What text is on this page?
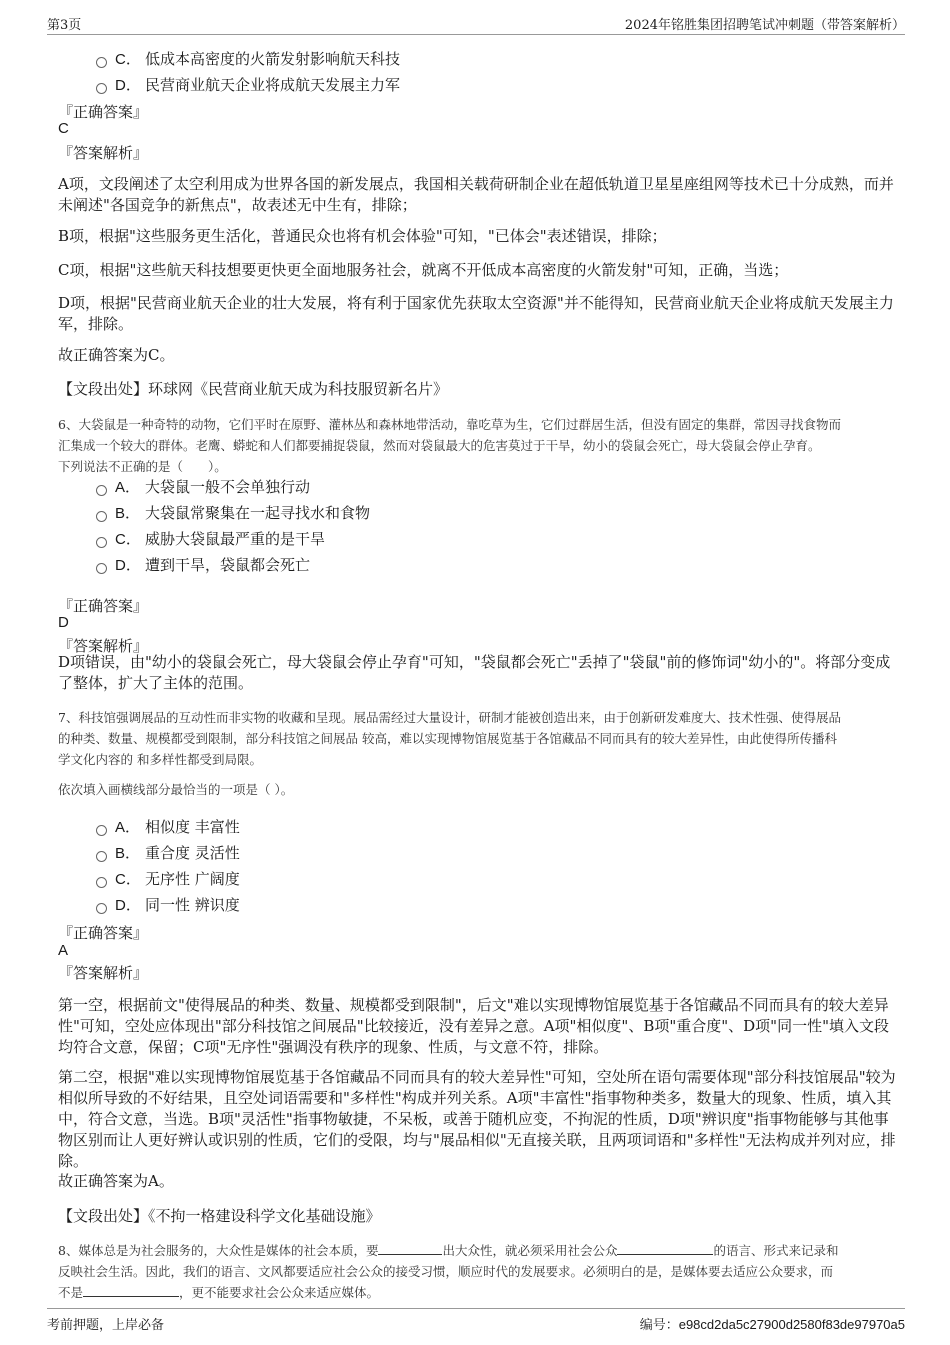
第3页	2024年铭胜集团招聘笔试冲刺题（带答案解析）
C． 低成本高密度的火箭发射影响航天科技
D． 民营商业航天企业将成航天发展主力军
『正确答案』
C
『答案解析』
A项，文段阐述了太空利用成为世界各国的新发展点，我国相关载荷研制企业在超低轨道卫星星座组网等技术已十分成熟，而并未阐述"各国竞争的新焦点"，故表述无中生有，排除；
B项，根据"这些服务更生活化，普通民众也将有机会体验"可知，"已体会"表述错误，排除；
C项，根据"这些航天科技想要更快更全面地服务社会，就离不开低成本高密度的火箭发射"可知，正确，当选；
D项，根据"民营商业航天企业的壮大发展，将有利于国家优先获取太空资源"并不能得知，民营商业航天企业将成航天发展主力军，排除。
故正确答案为C。
【文段出处】环球网《民营商业航天成为科技服贸新名片》
6、大袋鼠是一种奇特的动物，它们平时在原野、灌林丛和森林地带活动，靠吃草为生，它们过群居生活，但没有固定的集群，常因寻找食物而
汇集成一个较大的群体。老鹰、蟒蛇和人们都要捕捉袋鼠，然而对袋鼠最大的危害莫过于干旱，幼小的袋鼠会死亡，母大袋鼠会停止孕育。
下列说法不正确的是（　　）。
A． 大袋鼠一般不会单独行动
B． 大袋鼠常聚集在一起寻找水和食物
C． 威胁大袋鼠最严重的是干旱
D． 遭到干旱，袋鼠都会死亡
『正确答案』
D
『答案解析』
D项错误，由"幼小的袋鼠会死亡，母大袋鼠会停止孕育"可知，"袋鼠都会死亡"丢掉了"袋鼠"前的修饰词"幼小的"。将部分变成了整体，扩大了主体的范围。
7、科技馆强调展品的互动性而非实物的收藏和呈现。展品需经过大量设计，研制才能被创造出来，由于创新研发难度大、技术性强、使得展品
的种类、数量、规模都受到限制，部分科技馆之间展品 较高，难以实现博物馆展览基于各馆藏品不同而具有的较大差异性，由此使得所传播科
学文化内容的 和多样性都受到局限。
依次填入画横线部分最恰当的一项是（ ）。
A． 相似度 丰富性
B． 重合度 灵活性
C． 无序性 广阔度
D． 同一性 辨识度
『正确答案』
A
『答案解析』
第一空，根据前文"使得展品的种类、数量、规模都受到限制"，后文"难以实现博物馆展览基于各馆藏品不同而具有的较大差异性"可知，空处应体现出"部分科技馆之间展品"比较接近，没有差异之意。A项"相似度"、B项"重合度"、D项"同一性"填入文段均符合文意，保留；C项"无序性"强调没有秩序的现象、性质，与文意不符，排除。
第二空，根据"难以实现博物馆展览基于各馆藏品不同而具有的较大差异性"可知，空处所在语句需要体现"部分科技馆展品"较为相似所导致的不好结果，且空处词语需要和"多样性"构成并列关系。A项"丰富性"指事物种类多，数量大的现象、性质，填入其中，符合文意，当选。B项"灵活性"指事物敏捷，不呆板，或善于随机应变，不拘泥的性质，D项"辨识度"指事物能够与其他事物区别而让人更好辨认或识别的性质，它们的受限，均与"展品相似"无直接关联，且两项词语和"多样性"无法构成并列对应，排除。
故正确答案为A。
【文段出处】《不拘一格建设科学文化基础设施》
8、媒体总是为社会服务的，大众性是媒体的社会本质，要	出大众性，就必须采用社会公众	的语言、形式来记录和
反映社会生活。因此，我们的语言、文风都要适应社会公众的接受习惯，顺应时代的发展要求。必须明白的是，是媒体要去适应公众要求，而
不是	，更不能要求社会公众来适应媒体。
考前押题，上岸必备	编号：e98cd2da5c27900d2580f83de97970a5
